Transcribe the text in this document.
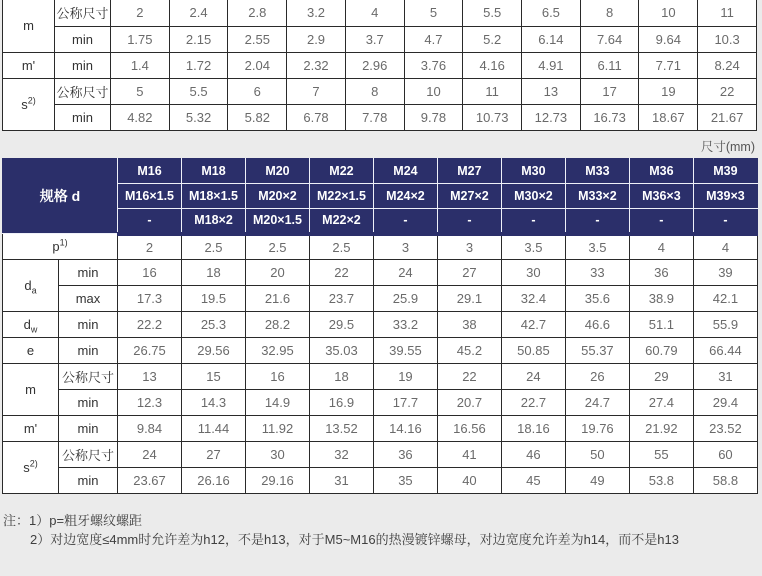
m	公称尺寸	2	2.4	2.8	3.2	4	5	5.5	6.5	8	10	11
	min	1.75	2.15	2.55	2.9	3.7	4.7	5.2	6.14	7.64	9.64	10.3
m'	min	1.4	1.72	2.04	2.32	2.96	3.76	4.16	4.91	6.11	7.71	8.24
$s^{2)}$	公称尺寸	5	5.5	6	7	8	10	11	13	17	19	22
	min	4.82	5.32	5.82	6.78	7.78	9.78	10.73	12.73	16.73	18.67	21.67
尺寸(mm)
规格 d		M16	M18	M20	M22	M24	M27	M30	M33	M36	M39
		M16×1.5	M18×1.5	M20×2	M22×1.5	M24×2	M27×2	M30×2	M33×2	M36×3	M39×3
		-	M18×2	M20×1.5	M22×2	-	-	-	-	-	-
$p^{1)}$		2	2.5	2.5	2.5	3	3	3.5	3.5	4	4
$d_a$	min	16	18	20	22	24	27	30	33	36	39
	max	17.3	19.5	21.6	23.7	25.9	29.1	32.4	35.6	38.9	42.1
$d_w$	min	22.2	25.3	28.2	29.5	33.2	38	42.7	46.6	51.1	55.9
e	min	26.75	29.56	32.95	35.03	39.55	45.2	50.85	55.37	60.79	66.44
m	公称尺寸	13	15	16	18	19	22	24	26	29	31
	min	12.3	14.3	14.9	16.9	17.7	20.7	22.7	24.7	27.4	29.4
m'	min	9.84	11.44	11.92	13.52	14.16	16.56	18.16	19.76	21.92	23.52
$s^{2)}$	公称尺寸	24	27	30	32	36	41	46	50	55	60
	min	23.67	26.16	29.16	31	35	40	45	49	53.8	58.8
注：1）p=粗牙螺纹螺距
2）对边宽度≤4mm时允许差为h12，不是h13，对于M5~M16的热漫镀锌螺母，对边宽度允许差为h14，而不是h13
